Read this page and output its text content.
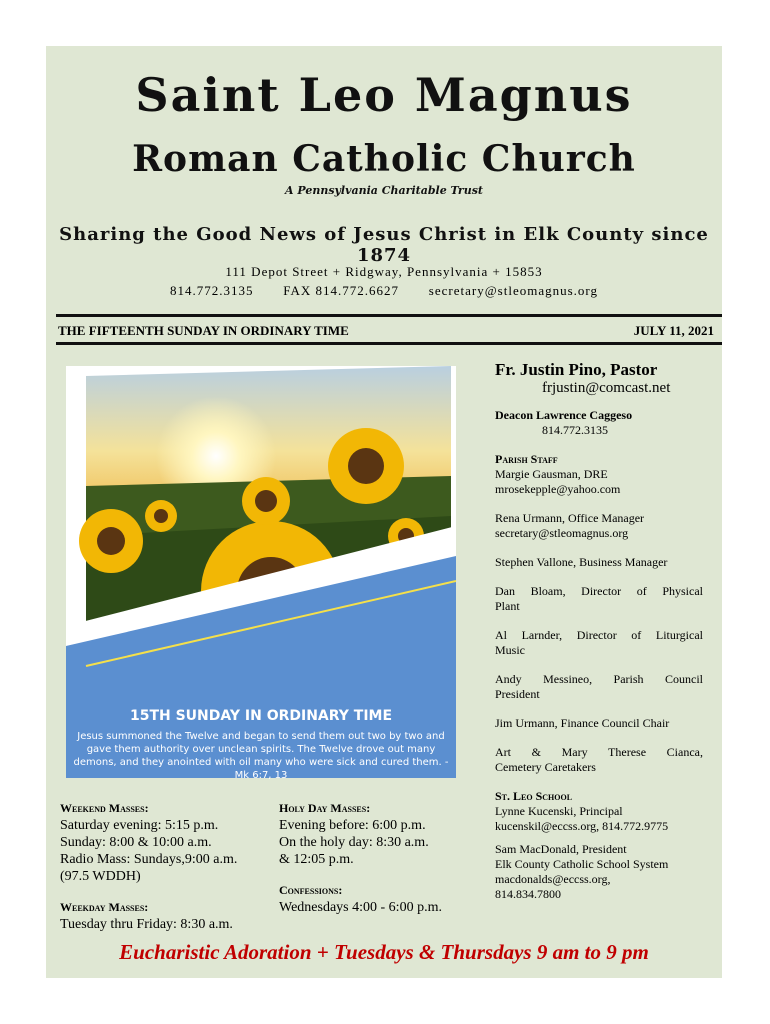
Saint Leo Magnus
Roman Catholic Church
A Pennsylvania Charitable Trust
Sharing the Good News of Jesus Christ in Elk County since 1874
111 Depot Street + Ridgway, Pennsylvania + 15853
814.772.3135 FAX 814.772.6627 secretary@stleomagnus.org
THE FIFTEENTH SUNDAY IN ORDINARY TIME	JULY 11, 2021
15TH SUNDAY IN ORDINARY TIME
Jesus summoned the Twelve and began to send them out two by two and gave them authority over unclean spirits. The Twelve drove out many demons, and they anointed with oil many who were sick and cured them. - Mk 6:7, 13
Fr. Justin Pino, Pastor
frjustin@comcast.net
Deacon Lawrence Caggeso
814.772.3135
Parish Staff
Margie Gausman, DRE
mrosekepple@yahoo.com
Rena Urmann, Office Manager
secretary@stleomagnus.org
Stephen Vallone, Business Manager
Dan Bloam, Director of Physical
Plant
Al Larnder, Director of Liturgical
Music
Andy Messineo, Parish Council
President
Jim Urmann, Finance Council Chair
Art & Mary Therese Cianca,
Cemetery Caretakers
St. Leo School
Lynne Kucenski, Principal
kucenskil@eccss.org, 814.772.9775
Sam MacDonald, President
Elk County Catholic School System
macdonalds@eccss.org,
814.834.7800
Weekend Masses:
Saturday evening: 5:15 p.m.
Sunday: 8:00 & 10:00 a.m.
Radio Mass: Sundays,9:00 a.m.
(97.5 WDDH)
Weekday Masses:
Tuesday thru Friday: 8:30 a.m.
Holy Day Masses:
Evening before: 6:00 p.m.
On the holy day: 8:30 a.m.
& 12:05 p.m.
Confessions:
Wednesdays 4:00 - 6:00 p.m.
Eucharistic Adoration + Tuesdays & Thursdays 9 am to 9 pm
